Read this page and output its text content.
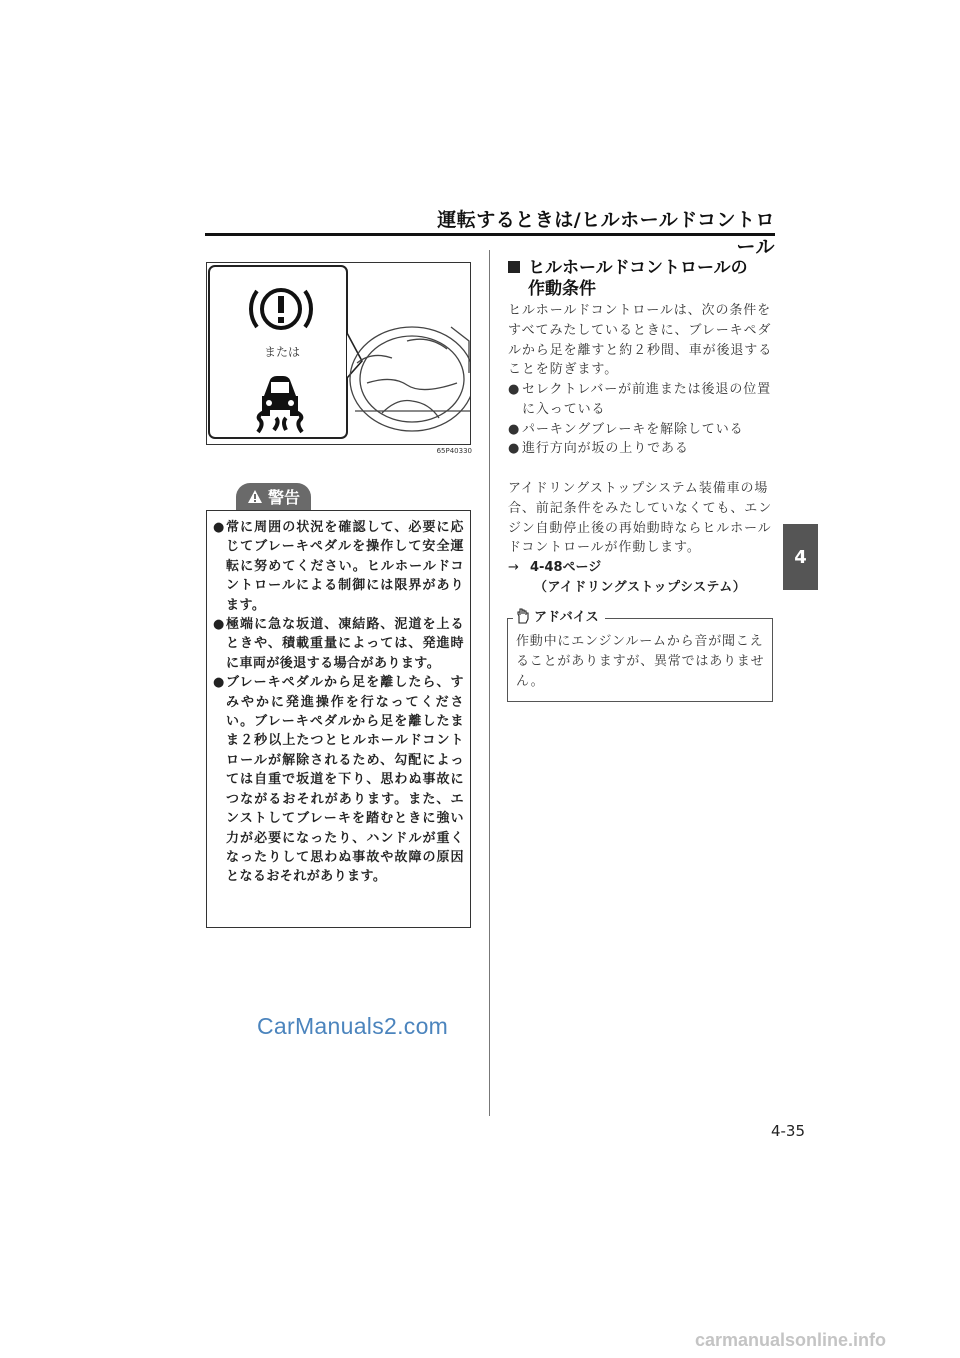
運転するときは/ヒルホールドコントロール
4
または
65P40330
警告
● 常に周囲の状況を確認して、必要に応じてブレーキペダルを操作して安全運転に努めてください。ヒルホールドコントロールによる制御には限界があります。
● 極端に急な坂道、凍結路、泥道を上るときや、積載重量によっては、発進時に車両が後退する場合があります。
● ブレーキペダルから足を離したら、すみやかに発進操作を行なってください。ブレーキペダルから足を離したまま２秒以上たつとヒルホールドコントロールが解除されるため、勾配によっては自重で坂道を下り、思わぬ事故につながるおそれがあります。また、エンストしてブレーキを踏むときに強い力が必要になったり、ハンドルが重くなったりして思わぬ事故や故障の原因となるおそれがあります。
ヒルホールドコントロールの
作動条件

ヒルホールドコントロールは、次の条件をすべてみたしているときに、ブレーキペダルから足を離すと約２秒間、車が後退することを防ぎます。

● セレクトレバーが前進または後退の位置に入っている
● パーキングブレーキを解除している
● 進行方向が坂の上りである

アイドリングストップシステム装備車の場合、前記条件をみたしていなくても、エンジン自動停止後の再始動時ならヒルホールドコントロールが作動します。

→ 4-48ページ
（アイドリングストップシステム）
アドバイス

作動中にエンジンルームから音が聞こえることがありますが、異常ではありません。

4-35
CarManuals2.com
carmanualsonline.info
